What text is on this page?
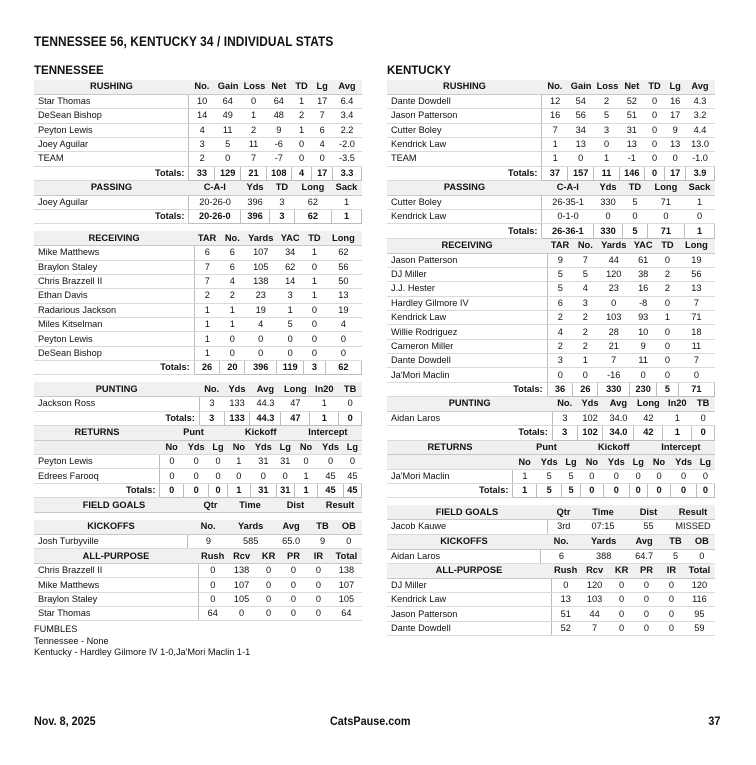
TENNESSEE 56, KENTUCKY 34 / INDIVIDUAL STATS
TENNESSEE
RUSHING	No.	Gain	Loss	Net	TD	Lg	Avg
Star Thomas	10	64	0	64	1	17	6.4
DeSean Bishop	14	49	1	48	2	7	3.4
Peyton Lewis	4	11	2	9	1	6	2.2
Joey Aguilar	3	5	11	-6	0	4	-2.0
TEAM	2	0	7	-7	0	0	-3.5
Totals:	33	129	21	108	4	17	3.3
PASSING	C-A-I	Yds	TD	Long	Sack
Joey Aguilar	20-26-0	396	3	62	1
Totals:	20-26-0	396	3	62	1
RECEIVING	TAR	No.	Yards	YAC	TD	Long
Mike Matthews	6	6	107	34	1	62
Braylon Staley	7	6	105	62	0	56
Chris Brazzell II	7	4	138	14	1	50
Ethan Davis	2	2	23	3	1	13
Radarious Jackson	1	1	19	1	0	19
Miles Kitselman	1	1	4	5	0	4
Peyton Lewis	1	0	0	0	0	0
DeSean Bishop	1	0	0	0	0	0
Totals:	26	20	396	119	3	62
PUNTING	No.	Yds	Avg	Long	In20	TB
Jackson Ross	3	133	44.3	47	1	0
Totals:	3	133	44.3	47	1	0
RETURNS	Punt			Kickoff			Intercept		
	No	Yds	Lg	No	Yds	Lg	No	Yds	Lg
Peyton Lewis	0	0	0	1	31	31	0	0	0
Edrees Farooq	0	0	0	0	0	0	1	45	45
Totals:	0	0	0	1	31	31	1	45	45
FIELD GOALS	Qtr	Time	Dist	Result
KICKOFFS	No.	Yards	Avg	TB	OB
Josh Turbyville	9	585	65.0	9	0
ALL-PURPOSE	Rush	Rcv	KR	PR	IR	Total
Chris Brazzell II	0	138	0	0	0	138
Mike Matthews	0	107	0	0	0	107
Braylon Staley	0	105	0	0	0	105
Star Thomas	64	0	0	0	0	64
FUMBLES
Tennessee - None
Kentucky - Hardley Gilmore IV 1-0,Ja'Mori Maclin 1-1
KENTUCKY
RUSHING	No.	Gain	Loss	Net	TD	Lg	Avg
Dante Dowdell	12	54	2	52	0	16	4.3
Jason Patterson	16	56	5	51	0	17	3.2
Cutter Boley	7	34	3	31	0	9	4.4
Kendrick Law	1	13	0	13	0	13	13.0
TEAM	1	0	1	-1	0	0	-1.0
Totals:	37	157	11	146	0	17	3.9
PASSING	C-A-I	Yds	TD	Long	Sack
Cutter Boley	26-35-1	330	5	71	1
Kendrick Law	0-1-0	0	0	0	0
Totals:	26-36-1	330	5	71	1
RECEIVING	TAR	No.	Yards	YAC	TD	Long
Jason Patterson	9	7	44	61	0	19
DJ Miller	5	5	120	38	2	56
J.J. Hester	5	4	23	16	2	13
Hardley Gilmore IV	6	3	0	-8	0	7
Kendrick Law	2	2	103	93	1	71
Willie Rodriguez	4	2	28	10	0	18
Cameron Miller	2	2	21	9	0	11
Dante Dowdell	3	1	7	11	0	7
Ja'Mori Maclin	0	0	-16	0	0	0
Totals:	36	26	330	230	5	71
PUNTING	No.	Yds	Avg	Long	In20	TB
Aidan Laros	3	102	34.0	42	1	0
Totals:	3	102	34.0	42	1	0
RETURNS	Punt			Kickoff			Intercept		
	No	Yds	Lg	No	Yds	Lg	No	Yds	Lg
Ja'Mori Maclin	1	5	5	0	0	0	0	0	0
Totals:	1	5	5	0	0	0	0	0	0
FIELD GOALS	Qtr	Time	Dist	Result
Jacob Kauwe	3rd	07:15	55	MISSED
KICKOFFS	No.	Yards	Avg	TB	OB
Aidan Laros	6	388	64.7	5	0
ALL-PURPOSE	Rush	Rcv	KR	PR	IR	Total
DJ Miller	0	120	0	0	0	120
Kendrick Law	13	103	0	0	0	116
Jason Patterson	51	44	0	0	0	95
Dante Dowdell	52	7	0	0	0	59
Nov. 8, 2025	CatsPause.com	37
